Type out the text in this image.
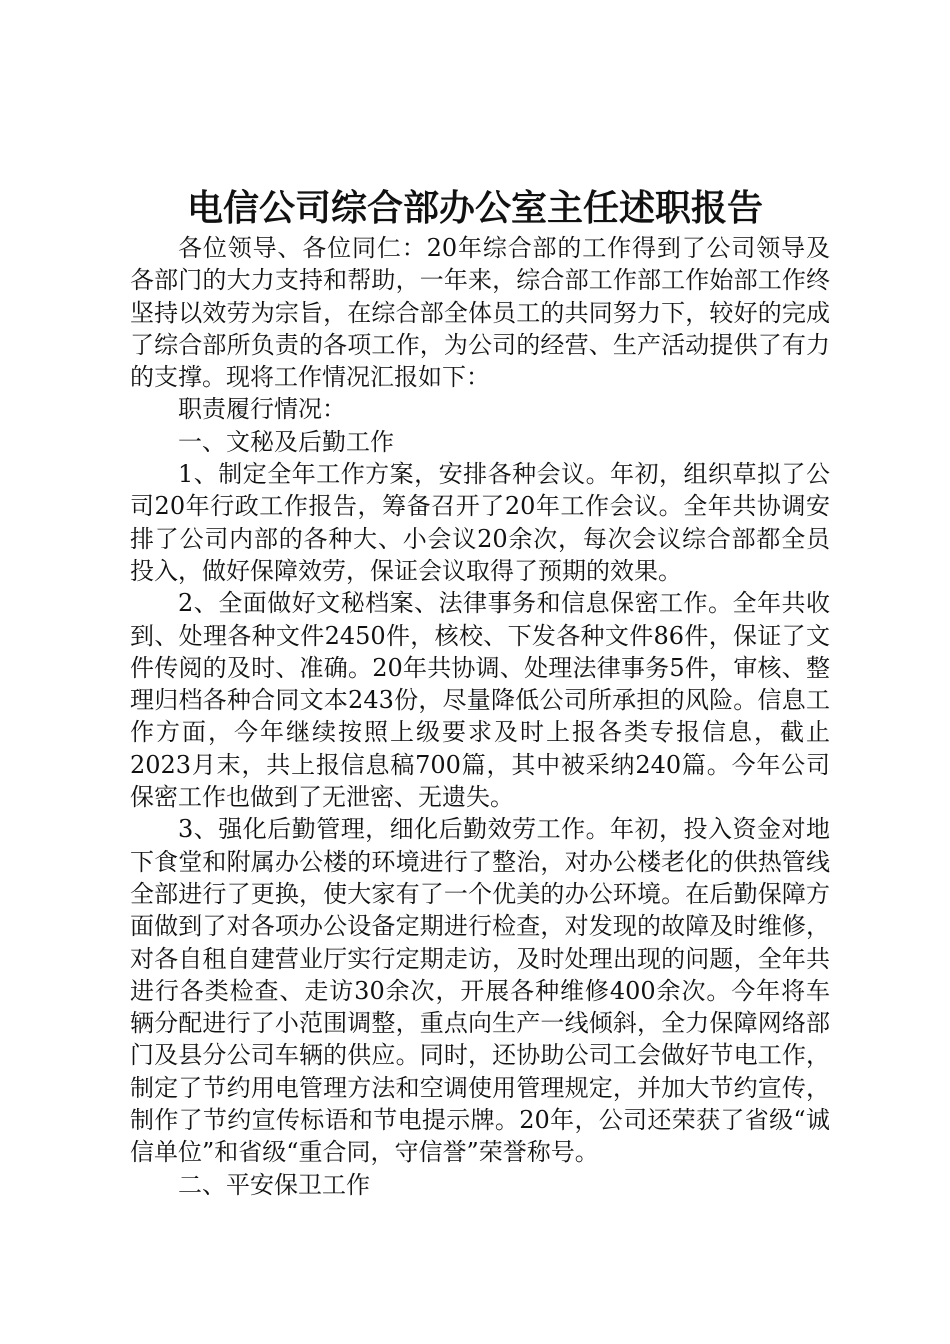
电信公司综合部办公室主任述职报告

各位领导、各位同仁：20年综合部的工作得到了公司领导及各部门的大力支持和帮助，一年来，综合部工作部工作始部工作终坚持以效劳为宗旨，在综合部全体员工的共同努力下，较好的完成了综合部所负责的各项工作，为公司的经营、生产活动提供了有力的支撑。现将工作情况汇报如下：

职责履行情况：

一、文秘及后勤工作

1、制定全年工作方案，安排各种会议。年初，组织草拟了公司20年行政工作报告，筹备召开了20年工作会议。全年共协调安排了公司内部的各种大、小会议20余次，每次会议综合部都全员投入，做好保障效劳，保证会议取得了预期的效果。

2、全面做好文秘档案、法律事务和信息保密工作。全年共收到、处理各种文件2450件，核校、下发各种文件86件，保证了文件传阅的及时、准确。20年共协调、处理法律事务5件，审核、整理归档各种合同文本243份，尽量降低公司所承担的风险。信息工作方面，今年继续按照上级要求及时上报各类专报信息，截止2023月末，共上报信息稿700篇，其中被采纳240篇。今年公司保密工作也做到了无泄密、无遗失。

3、强化后勤管理，细化后勤效劳工作。年初，投入资金对地下食堂和附属办公楼的环境进行了整治，对办公楼老化的供热管线全部进行了更换，使大家有了一个优美的办公环境。在后勤保障方面做到了对各项办公设备定期进行检查，对发现的故障及时维修，对各自租自建营业厅实行定期走访，及时处理出现的问题，全年共进行各类检查、走访30余次，开展各种维修400余次。今年将车辆分配进行了小范围调整，重点向生产一线倾斜，全力保障网络部门及县分公司车辆的供应。同时，还协助公司工会做好节电工作，制定了节约用电管理方法和空调使用管理规定，并加大节约宣传，制作了节约宣传标语和节电提示牌。20年，公司还荣获了省级“诚信单位”和省级“重合同，守信誉”荣誉称号。

二、平安保卫工作
